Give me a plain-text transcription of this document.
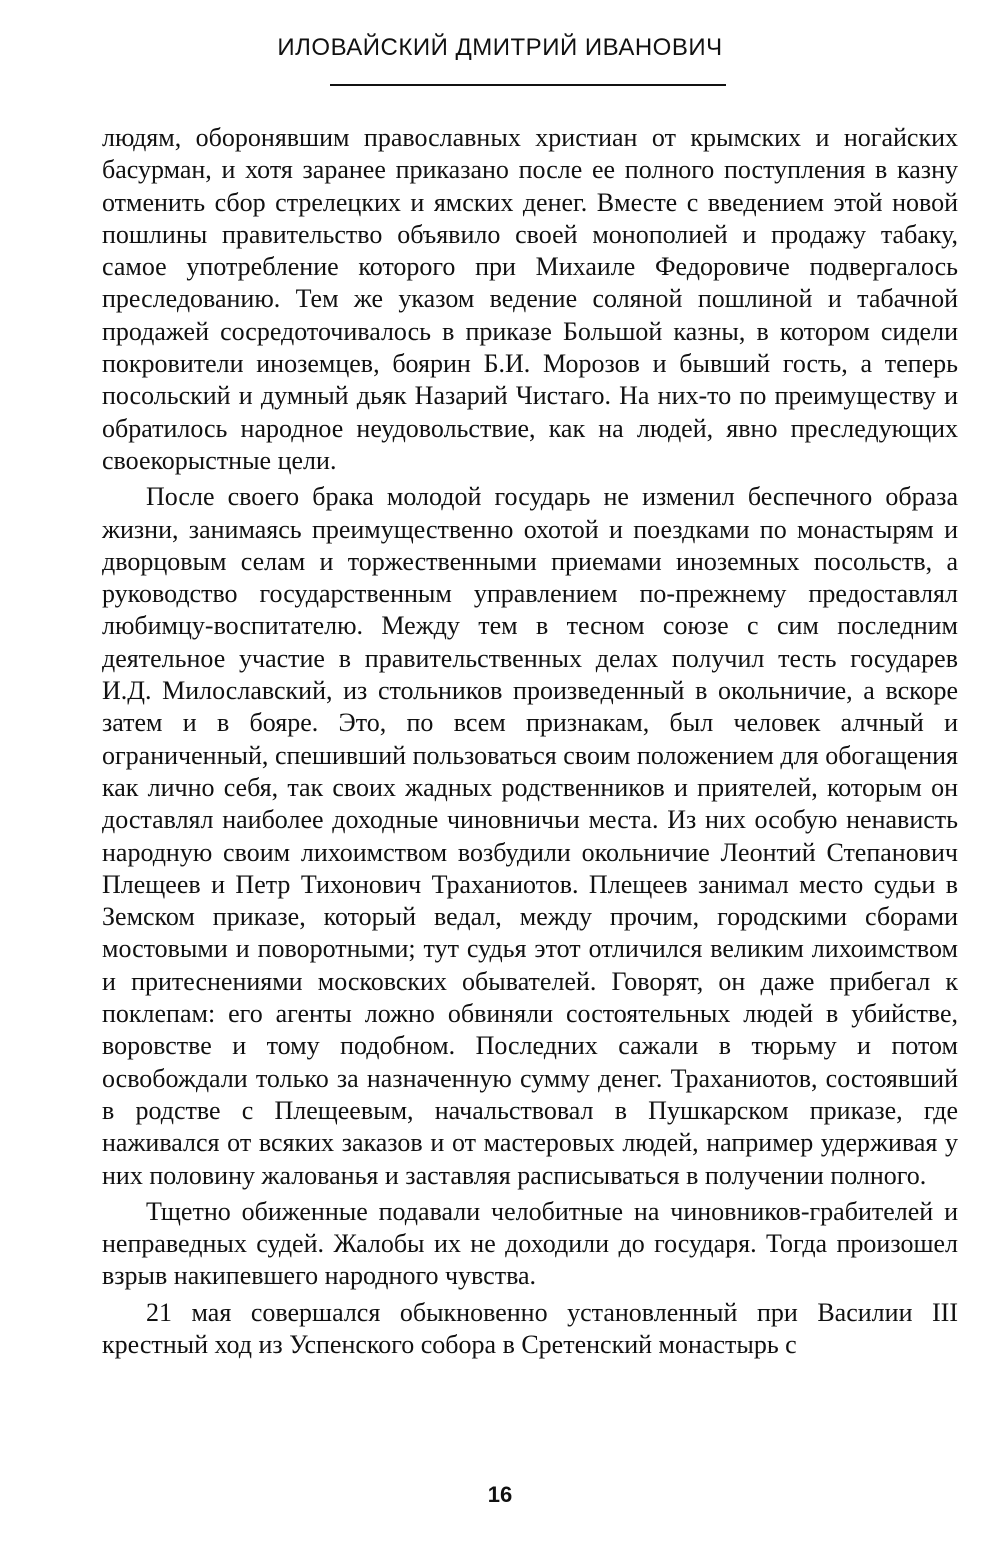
ИЛОВАЙСКИЙ ДМИТРИЙ ИВАНОВИЧ

людям, оборонявшим православных христиан от крымских и ногайских басурман, и хотя заранее приказано после ее полного поступления в казну отменить сбор стрелецких и ямских денег. Вместе с введением этой новой пошлины правительство объявило своей монополией и продажу табаку, самое употребление которого при Михаиле Федоровиче подвергалось преследованию. Тем же указом ведение соляной пошлиной и табачной продажей сосредоточивалось в приказе Большой казны, в котором сидели покровители иноземцев, боярин Б.И. Морозов и бывший гость, а теперь посольский и думный дьяк Назарий Чистаго. На них-то по преимуществу и обратилось народное неудовольствие, как на людей, явно преследующих своекорыстные цели.

После своего брака молодой государь не изменил беспечного образа жизни, занимаясь преимущественно охотой и поездками по монастырям и дворцовым селам и торжественными приемами иноземных посольств, а руководство государственным управлением по-прежнему предоставлял любимцу-воспитателю. Между тем в тесном союзе с сим последним деятельное участие в правительственных делах получил тесть государев И.Д. Милославский, из стольников произведенный в окольничие, а вскоре затем и в бояре. Это, по всем признакам, был человек алчный и ограниченный, спешивший пользоваться своим положением для обогащения как лично себя, так своих жадных родственников и приятелей, которым он доставлял наиболее доходные чиновничьи места. Из них особую ненависть народную своим лихоимством возбудили окольничие Леонтий Степанович Плещеев и Петр Тихонович Траханиотов. Плещеев занимал место судьи в Земском приказе, который ведал, между прочим, городскими сборами мостовыми и поворотными; тут судья этот отличился великим лихоимством и притеснениями московских обывателей. Говорят, он даже прибегал к поклепам: его агенты ложно обвиняли состоятельных людей в убийстве, воровстве и тому подобном. Последних сажали в тюрьму и потом освобождали только за назначенную сумму денег. Траханиотов, состоявший в родстве с Плещеевым, начальствовал в Пушкарском приказе, где наживался от всяких заказов и от мастеровых людей, например удерживая у них половину жалованья и заставляя расписываться в получении полного.

Тщетно обиженные подавали челобитные на чиновников-грабителей и неправедных судей. Жалобы их не доходили до государя. Тогда произошел взрыв накипевшего народного чувства.

21 мая совершался обыкновенно установленный при Василии III крестный ход из Успенского собора в Сретенский монастырь с

16
